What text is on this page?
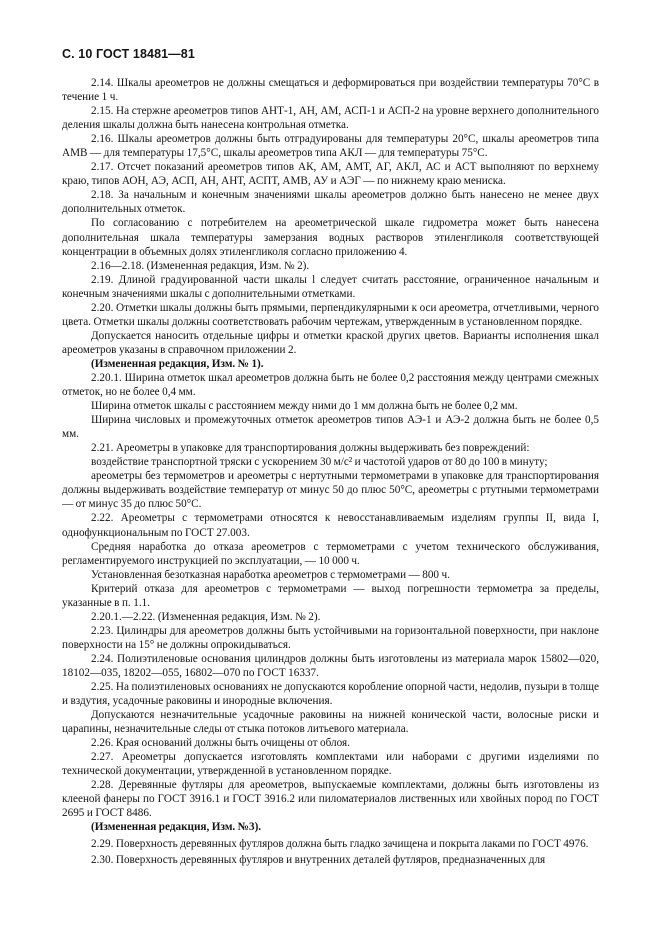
С. 10 ГОСТ 18481—81

2.14. Шкалы ареометров не должны смещаться и деформироваться при воздействии температуры 70°С в течение 1 ч.

2.15. На стержне ареометров типов АНТ-1, АН, АМ, АСП-1 и АСП-2 на уровне верхнего дополнительного деления шкалы должна быть нанесена контрольная отметка.

2.16. Шкалы ареометров должны быть отградуированы для температуры 20°С, шкалы ареометров типа АМВ — для температуры 17,5°С, шкалы ареометров типа АКЛ — для температуры 75°С.

2.17. Отсчет показаний ареометров типов АК, АМ, АМТ, АГ, АКЛ, АС и АСТ выполняют по верхнему краю, типов АОН, АЭ, АСП, АН, АНТ, АСПТ, АМВ, АУ и АЭГ — по нижнему краю мениска.

2.18. За начальным и конечным значениями шкалы ареометров должно быть нанесено не менее двух дополнительных отметок.

По согласованию с потребителем на ареометрической шкале гидрометра может быть нанесена дополнительная шкала температуры замерзания водных растворов этиленгликоля соответствующей концентрации в объемных долях этиленгликоля согласно приложению 4.

2.16—2.18. (Измененная редакция, Изм. № 2).

2.19. Длиной градуированной части шкалы l следует считать расстояние, ограниченное начальным и конечным значениями шкалы с дополнительными отметками.

2.20. Отметки шкалы должны быть прямыми, перпендикулярными к оси ареометра, отчетливыми, черного цвета. Отметки шкалы должны соответствовать рабочим чертежам, утвержденным в установленном порядке.

Допускается наносить отдельные цифры и отметки краской других цветов. Варианты исполнения шкал ареометров указаны в справочном приложении 2.

(Измененная редакция, Изм. № 1).

2.20.1. Ширина отметок шкал ареометров должна быть не более 0,2 расстояния между центрами смежных отметок, но не более 0,4 мм.

Ширина отметок шкалы с расстоянием между ними до 1 мм должна быть не более 0,2 мм.

Ширина числовых и промежуточных отметок ареометров типов АЭ-1 и АЭ-2 должна быть не более 0,5 мм.

2.21. Ареометры в упаковке для транспортирования должны выдерживать без повреждений:

воздействие транспортной тряски с ускорением 30 м/с² и частотой ударов от 80 до 100 в минуту;

ареометры без термометров и ареометры с нертутными термометрами в упаковке для транспортирования должны выдерживать воздействие температур от минус 50 до плюс 50°С, ареометры с ртутными термометрами — от минус 35 до плюс 50°С.

2.22. Ареометры с термометрами относятся к невосстанавливаемым изделиям группы II, вида I, однофункциональным по ГОСТ 27.003.

Средняя наработка до отказа ареометров с термометрами с учетом технического обслуживания, регламентируемого инструкцией по эксплуатации, — 10 000 ч.

Установленная безотказная наработка ареометров с термометрами — 800 ч.

Критерий отказа для ареометров с термометрами — выход погрешности термометра за пределы, указанные в п. 1.1.

2.20.1.—2.22. (Измененная редакция, Изм. № 2).

2.23. Цилиндры для ареометров должны быть устойчивыми на горизонтальной поверхности, при наклоне поверхности на 15° не должны опрокидываться.

2.24. Полиэтиленовые основания цилиндров должны быть изготовлены из материала марок 15802—020, 18102—035, 18202—055, 16802—070 по ГОСТ 16337.

2.25. На полиэтиленовых основаниях не допускаются коробление опорной части, недолив, пузыри в толще и вздутия, усадочные раковины и инородные включения.

Допускаются незначительные усадочные раковины на нижней конической части, волосные риски и царапины, незначительные следы от стыка потоков литьевого материала.

2.26. Края оснований должны быть очищены от облоя.

2.27. Ареометры допускается изготовлять комплектами или наборами с другими изделиями по технической документации, утвержденной в установленном порядке.

2.28. Деревянные футляры для ареометров, выпускаемые комплектами, должны быть изготовлены из клееной фанеры по ГОСТ 3916.1 и ГОСТ 3916.2 или пиломатериалов лиственных или хвойных пород по ГОСТ 2695 и ГОСТ 8486.

(Измененная редакция, Изм. №3).

2.29. Поверхность деревянных футляров должна быть гладко зачищена и покрыта лаками по ГОСТ 4976.

2.30. Поверхность деревянных футляров и внутренних деталей футляров, предназначенных для
